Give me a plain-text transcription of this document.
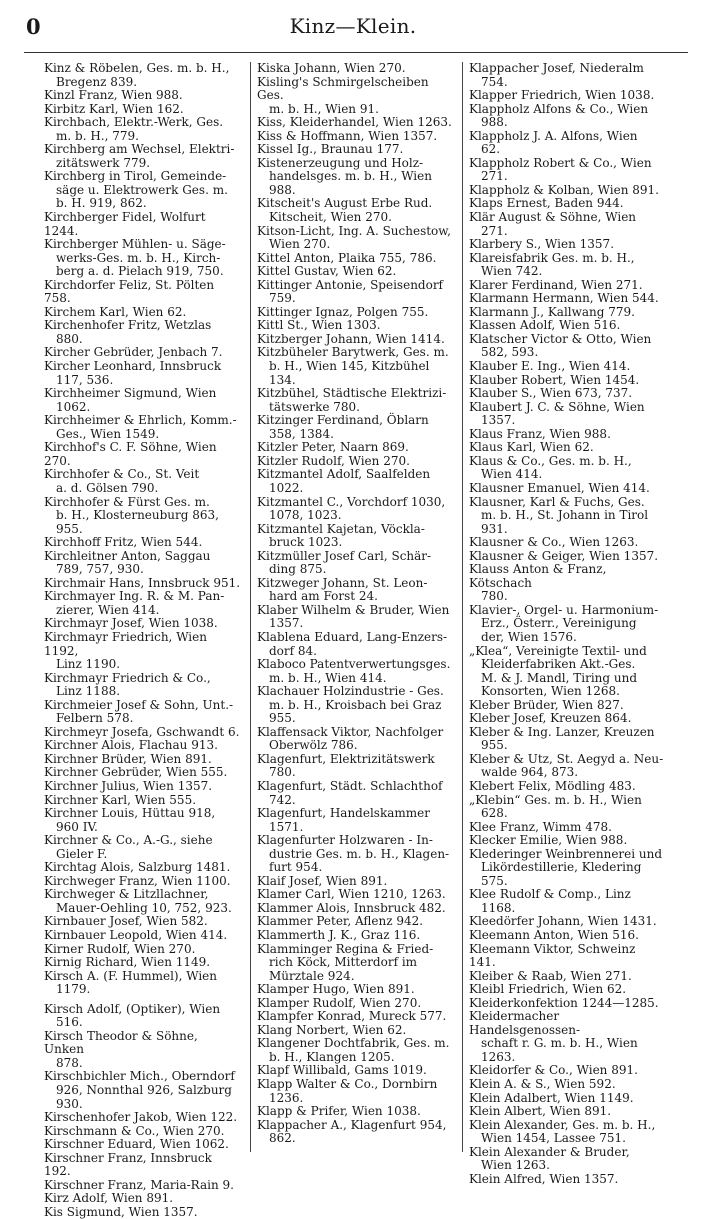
0	Kinz—Klein.
Kinz & Röbelen, Ges. m. b. H.,
Bregenz 839.
Kinzl Franz, Wien 988.
Kirbitz Karl, Wien 162.
Kirchbach, Elektr.-Werk, Ges.
m. b. H., 779.
Kirchberg am Wechsel, Elektri-
zitätswerk 779.
Kirchberg in Tirol, Gemeinde-
säge u. Elektrowerk Ges. m.
b. H. 919, 862.
Kirchberger Fidel, Wolfurt 1244.
Kirchberger Mühlen- u. Säge-
werks-Ges. m. b. H., Kirch-
berg a. d. Pielach 919, 750.
Kirchdorfer Feliz, St. Pölten 758.
Kirchem Karl, Wien 62.
Kirchenhofer Fritz, Wetzlas
880.
Kircher Gebrüder, Jenbach 7.
Kircher Leonhard, Innsbruck
117, 536.
Kirchheimer Sigmund, Wien
1062.
Kirchheimer & Ehrlich, Komm.-
Ges., Wien 1549.
Kirchhof's C. F. Söhne, Wien 270.
Kirchhofer & Co., St. Veit
a. d. Gölsen 790.
Kirchhofer & Fürst Ges. m.
b. H., Klosterneuburg 863,
955.
Kirchhoff Fritz, Wien 544.
Kirchleitner Anton, Saggau
789, 757, 930.
Kirchmair Hans, Innsbruck 951.
Kirchmayer Ing. R. & M. Pan-
zierer, Wien 414.
Kirchmayr Josef, Wien 1038.
Kirchmayr Friedrich, Wien 1192,
Linz 1190.
Kirchmayr Friedrich & Co.,
Linz 1188.
Kirchmeier Josef & Sohn, Unt.-
Felbern 578.
Kirchmeyr Josefa, Gschwandt 6.
Kirchner Alois, Flachau 913.
Kirchner Brüder, Wien 891.
Kirchner Gebrüder, Wien 555.
Kirchner Julius, Wien 1357.
Kirchner Karl, Wien 555.
Kirchner Louis, Hüttau 918,
960 IV.
Kirchner & Co., A.-G., siehe
Gieler F.
Kirchtag Alois, Salzburg 1481.
Kirchweger Franz, Wien 1100.
Kirchweger & Litzllachner,
Mauer-Oehling 10, 752, 923.
Kirnbauer Josef, Wien 582.
Kirnbauer Leopold, Wien 414.
Kirner Rudolf, Wien 270.
Kirnig Richard, Wien 1149.
Kirsch A. (F. Hummel), Wien
1179.
Kirsch Adolf, (Optiker), Wien
516.
Kirsch Theodor & Söhne, Unken
878.
Kirschbichler Mich., Oberndorf
926, Nonnthal 926, Salzburg
930.
Kirschenhofer Jakob, Wien 122.
Kirschmann & Co., Wien 270.
Kirschner Eduard, Wien 1062.
Kirschner Franz, Innsbruck 192.
Kirschner Franz, Maria-Rain 9.
Kirz Adolf, Wien 891.
Kis Sigmund, Wien 1357.
Kiska Johann, Wien 270.
Kisling's Schmirgelscheiben Ges.
m. b. H., Wien 91.
Kiss, Kleiderhandel, Wien 1263.
Kiss & Hoffmann, Wien 1357.
Kissel Ig., Braunau 177.
Kistenerzeugung und Holz-
handelsges. m. b. H., Wien
988.
Kitscheit's August Erbe Rud.
Kitscheit, Wien 270.
Kitson-Licht, Ing. A. Suchestow,
Wien 270.
Kittel Anton, Plaika 755, 786.
Kittel Gustav, Wien 62.
Kittinger Antonie, Speisendorf
759.
Kittinger Ignaz, Polgen 755.
Kittl St., Wien 1303.
Kitzberger Johann, Wien 1414.
Kitzbüheler Barytwerk, Ges. m.
b. H., Wien 145, Kitzbühel
134.
Kitzbühel, Städtische Elektrizi-
tätswerke 780.
Kitzinger Ferdinand, Öblarn
358, 1384.
Kitzler Peter, Naarn 869.
Kitzler Rudolf, Wien 270.
Kitzmantel Adolf, Saalfelden
1022.
Kitzmantel C., Vorchdorf 1030,
1078, 1023.
Kitzmantel Kajetan, Vöckla-
bruck 1023.
Kitzmüller Josef Carl, Schär-
ding 875.
Kitzweger Johann, St. Leon-
hard am Forst 24.
Klaber Wilhelm & Bruder, Wien
1357.
Klablena Eduard, Lang-Enzers-
dorf 84.
Klaboco Patentverwertungsges.
m. b. H., Wien 414.
Klachauer Holzindustrie - Ges.
m. b. H., Kroisbach bei Graz
955.
Klaffensack Viktor, Nachfolger
Oberwölz 786.
Klagenfurt, Elektrizitätswerk
780.
Klagenfurt, Städt. Schlachthof
742.
Klagenfurt, Handelskammer
1571.
Klagenfurter Holzwaren - In-
dustrie Ges. m. b. H., Klagen-
furt 954.
Klaif Josef, Wien 891.
Klamer Carl, Wien 1210, 1263.
Klammer Alois, Innsbruck 482.
Klammer Peter, Aflenz 942.
Klammerth J. K., Graz 116.
Klamminger Regina & Fried-
rich Köck, Mitterdorf im
Mürztale 924.
Klamper Hugo, Wien 891.
Klamper Rudolf, Wien 270.
Klampfer Konrad, Mureck 577.
Klang Norbert, Wien 62.
Klangener Dochtfabrik, Ges. m.
b. H., Klangen 1205.
Klapf Willibald, Gams 1019.
Klapp Walter & Co., Dornbirn
1236.
Klapp & Prifer, Wien 1038.
Klappacher A., Klagenfurt 954,
862.
Klappacher Josef, Niederalm
754.
Klapper Friedrich, Wien 1038.
Klappholz Alfons & Co., Wien
988.
Klappholz J. A. Alfons, Wien
62.
Klappholz Robert & Co., Wien
271.
Klappholz & Kolban, Wien 891.
Klaps Ernest, Baden 944.
Klär August & Söhne, Wien
271.
Klarbery S., Wien 1357.
Klareisfabrik Ges. m. b. H.,
Wien 742.
Klarer Ferdinand, Wien 271.
Klarmann Hermann, Wien 544.
Klarmann J., Kallwang 779.
Klassen Adolf, Wien 516.
Klatscher Victor & Otto, Wien
582, 593.
Klauber E. Ing., Wien 414.
Klauber Robert, Wien 1454.
Klauber S., Wien 673, 737.
Klaubert J. C. & Söhne, Wien
1357.
Klaus Franz, Wien 988.
Klaus Karl, Wien 62.
Klaus & Co., Ges. m. b. H.,
Wien 414.
Klausner Emanuel, Wien 414.
Klausner, Karl & Fuchs, Ges.
m. b. H., St. Johann in Tirol
931.
Klausner & Co., Wien 1263.
Klausner & Geiger, Wien 1357.
Klauss Anton & Franz, Kötschach
780.
Klavier-, Orgel- u. Harmonium-
Erz., Österr., Vereinigung
der, Wien 1576.
„Klea“, Vereinigte Textil- und
Kleiderfabriken Akt.-Ges.
M. & J. Mandl, Tiring und
Konsorten, Wien 1268.
Kleber Brüder, Wien 827.
Kleber Josef, Kreuzen 864.
Kleber & Ing. Lanzer, Kreuzen
955.
Kleber & Utz, St. Aegyd a. Neu-
walde 964, 873.
Klebert Felix, Mödling 483.
„Klebin“ Ges. m. b. H., Wien
628.
Klee Franz, Wimm 478.
Klecker Emilie, Wien 988.
Klederinger Weinbrennerei und
Likördestillerie, Kledering
575.
Klee Rudolf & Comp., Linz
1168.
Kleedörfer Johann, Wien 1431.
Kleemann Anton, Wien 516.
Kleemann Viktor, Schweinz 141.
Kleiber & Raab, Wien 271.
Kleibl Friedrich, Wien 62.
Kleiderkonfektion 1244—1285.
Kleidermacher Handelsgenossen-
schaft r. G. m. b. H., Wien
1263.
Kleidorfer & Co., Wien 891.
Klein A. & S., Wien 592.
Klein Adalbert, Wien 1149.
Klein Albert, Wien 891.
Klein Alexander, Ges. m. b. H.,
Wien 1454, Lassee 751.
Klein Alexander & Bruder,
Wien 1263.
Klein Alfred, Wien 1357.
